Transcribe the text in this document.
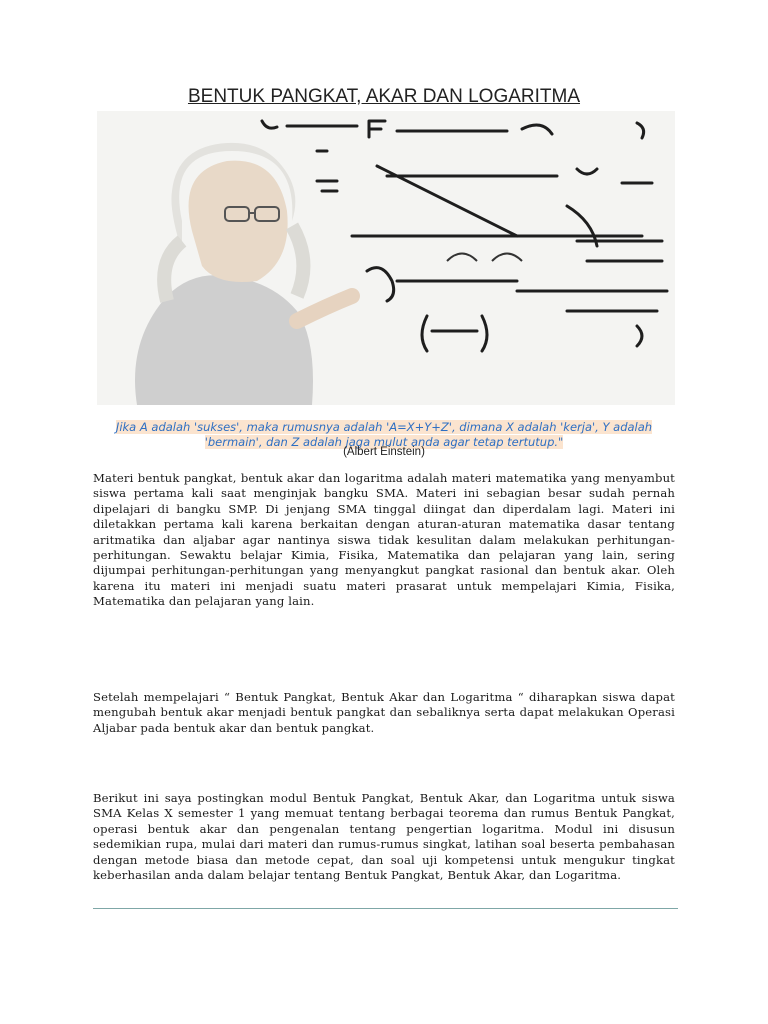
BENTUK PANGKAT, AKAR DAN LOGARITMA
Jika A adalah 'sukses', maka rumusnya adalah 'A=X+Y+Z', dimana X adalah 'kerja', Y adalah 'bermain', dan Z adalah jaga mulut anda agar tetap tertutup."
(Albert Einstein)
Materi bentuk pangkat, bentuk akar dan logaritma adalah materi matematika yang menyambut siswa pertama kali saat menginjak bangku SMA. Materi ini sebagian besar sudah pernah dipelajari di bangku SMP. Di jenjang SMA tinggal diingat dan diperdalam lagi. Materi ini diletakkan pertama kali karena berkaitan dengan aturan-aturan matematika dasar tentang aritmatika dan aljabar agar nantinya siswa tidak kesulitan dalam melakukan perhitungan-perhitungan. Sewaktu belajar Kimia, Fisika, Matematika dan pelajaran yang lain, sering dijumpai perhitungan-perhitungan yang menyangkut pangkat rasional dan bentuk akar. Oleh karena itu materi ini menjadi suatu materi prasarat untuk mempelajari Kimia, Fisika, Matematika dan pelajaran yang lain.
Setelah mempelajari “ Bentuk Pangkat, Bentuk Akar dan Logaritma “ diharapkan siswa dapat mengubah bentuk akar menjadi bentuk pangkat dan sebaliknya serta dapat melakukan Operasi Aljabar pada bentuk akar dan bentuk pangkat.
Berikut ini saya postingkan modul Bentuk Pangkat, Bentuk Akar, dan Logaritma untuk siswa SMA Kelas X semester 1 yang memuat tentang berbagai teorema dan rumus Bentuk Pangkat, operasi bentuk akar dan pengenalan tentang pengertian logaritma. Modul ini disusun sedemikian rupa, mulai dari materi dan rumus-rumus singkat, latihan soal beserta pembahasan dengan metode biasa dan metode cepat, dan soal uji kompetensi untuk mengukur tingkat keberhasilan anda dalam belajar tentang Bentuk Pangkat, Bentuk Akar, dan Logaritma.
